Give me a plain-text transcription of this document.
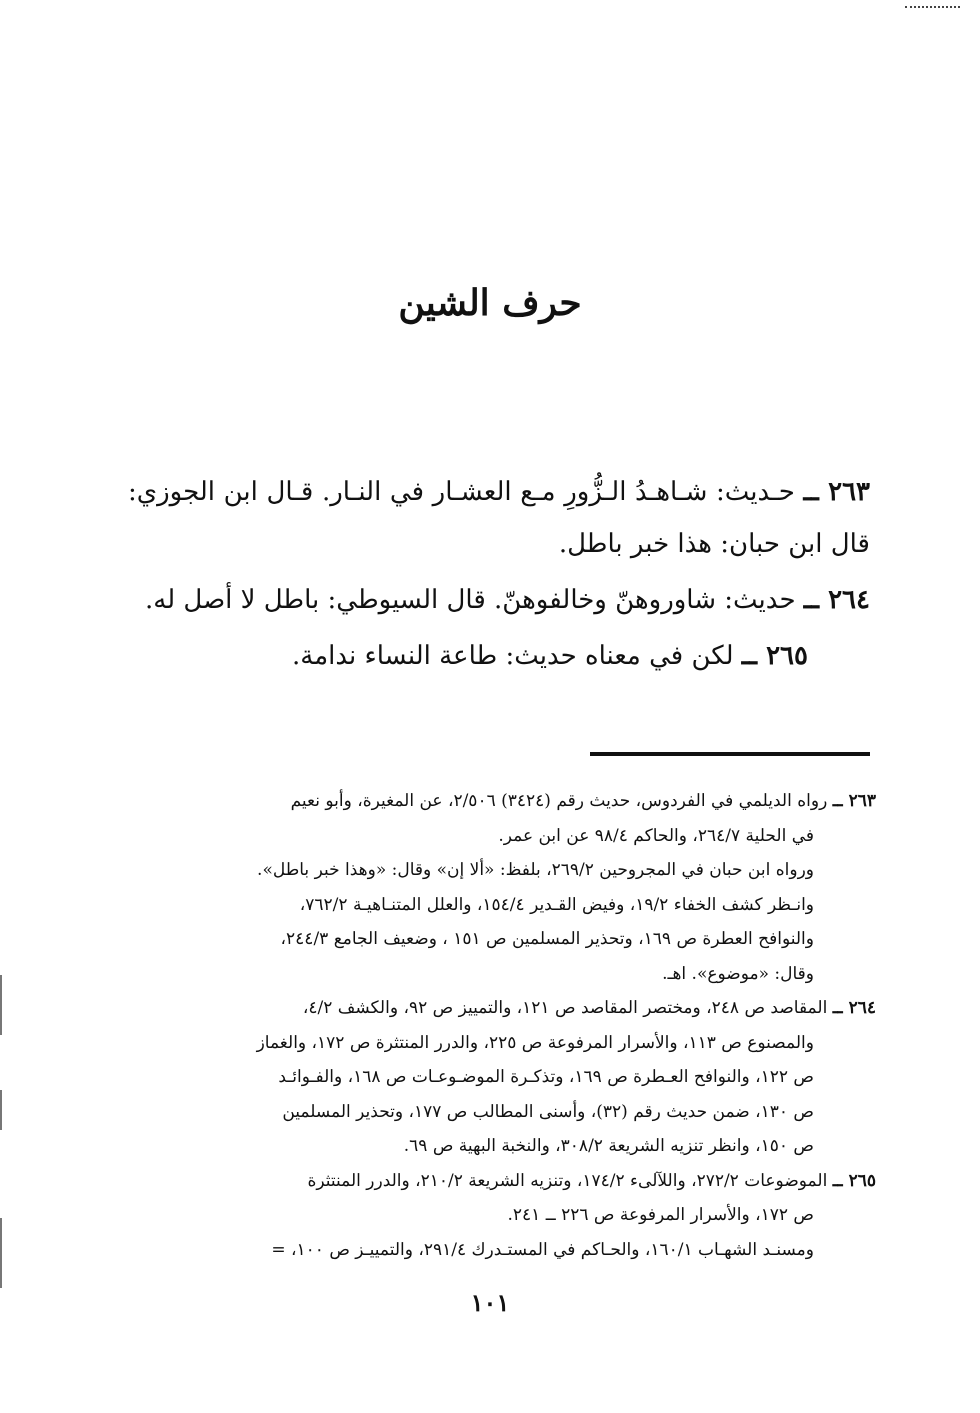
حرف الشين

٢٦٣ ــ حـديث: شـاهـدُ الـزُّورِ مـع العشـار في النـار. قـال ابن الجوزي: قال ابن حبان: هذا خبر باطل.

٢٦٤ ــ حديث: شاوروهنّ وخالفوهنّ. قال السيوطي: باطل لا أصل له.

٢٦٥ ــ لكن في معناه حديث: طاعة النساء ندامة.

٢٦٣ ــ رواه الديلمي في الفردوس، حديث رقم (٣٤٢٤) ٢/٥٠٦، عن المغيرة، وأبو نعيم
في الحلية ٢٦٤/٧، والحاكم ٩٨/٤ عن ابن عمر.
ورواه ابن حبان في المجروحين ٢٦٩/٢، بلفظ: «ألا إن» وقال: «وهذا خبر باطل».
وانـظر كشف الخفاء ١٩/٢، وفيض القـدير ١٥٤/٤، والعلل المتنـاهيـة ٧٦٢/٢،
والنوافح العطرة ص ١٦٩، وتحذير المسلمين ص ١٥١ ، وضعيف الجامع ٢٤٤/٣،
وقال: «موضوع». اهـ.
٢٦٤ ــ المقاصد ص ٢٤٨، ومختصر المقاصد ص ١٢١، والتمييز ص ٩٢، والكشف ٤/٢،
والمصنوع ص ١١٣، والأسرار المرفوعة ص ٢٢٥، والدرر المنتثرة ص ١٧٢، والغماز
ص ١٢٢، والنوافح العـطرة ص ١٦٩، وتذكـرة الموضـوعـات ص ١٦٨، والفـوائـد
ص ١٣٠، ضمن حديث رقم (٣٢)، وأسنى المطالب ص ١٧٧، وتحذير المسلمين
ص ١٥٠، وانظر تنزيه الشريعة ٣٠٨/٢، والنخبة البهية ص ٦٩.
٢٦٥ ــ الموضوعات ٢٧٢/٢، واللآلىء ١٧٤/٢، وتنزيه الشريعة ٢١٠/٢، والدرر المنتثرة
ص ١٧٢، والأسرار المرفوعة ص ٢٢٦ ــ ٢٤١.
ومسنـد الشهـاب ١٦٠/١، والحـاكم في المستـدرك ٢٩١/٤، والتمييـز ص ١٠٠، =
١٠١
